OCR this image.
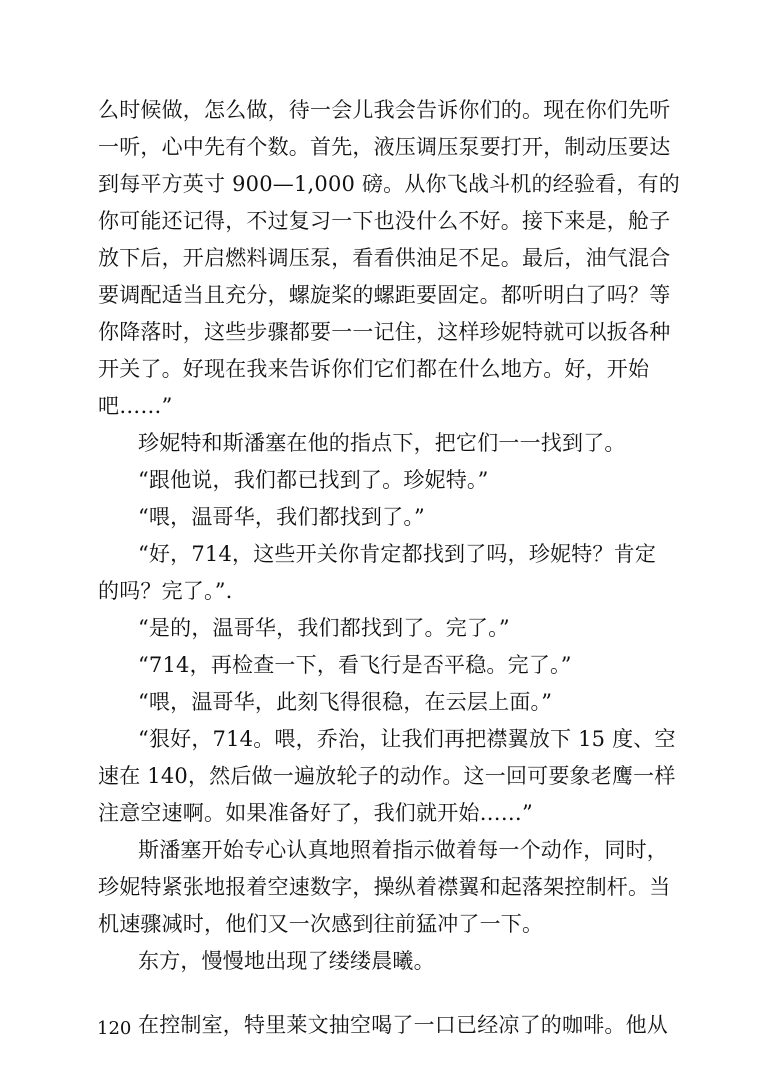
么时候做，怎么做，待一会儿我会告诉你们的。现在你们先听
一听，心中先有个数。首先，液压调压泵要打开，制动压要达
到每平方英寸 900—1,000 磅。从你飞战斗机的经验看，有的
你可能还记得，不过复习一下也没什么不好。接下来是，舱子
放下后，开启燃料调压泵，看看供油足不足。最后，油气混合
要调配适当且充分，螺旋桨的螺距要固定。都听明白了吗？等
你降落时，这些步骤都要一一记住，这样珍妮特就可以扳各种
开关了。好现在我来告诉你们它们都在什么地方。好，开始
吧……”
珍妮特和斯潘塞在他的指点下，把它们一一找到了。
“跟他说，我们都已找到了。珍妮特。”
“喂，温哥华，我们都找到了。”
“好，714，这些开关你肯定都找到了吗，珍妮特？肯定
的吗？完了。”.
“是的，温哥华，我们都找到了。完了。”
“714，再检查一下，看飞行是否平稳。完了。”
“喂，温哥华，此刻飞得很稳，在云层上面。”
“狠好，714。喂，乔治，让我们再把襟翼放下 15 度、空
速在 140，然后做一遍放轮子的动作。这一回可要象老鹰一样
注意空速啊。如果准备好了，我们就开始……”
斯潘塞开始专心认真地照着指示做着每一个动作，同时，
珍妮特紧张地报着空速数字，操纵着襟翼和起落架控制杆。当
机速骤减时，他们又一次感到往前猛冲了一下。
东方，慢慢地出现了缕缕晨曦。
在控制室，特里莱文抽空喝了一口已经凉了的咖啡。他从
120
